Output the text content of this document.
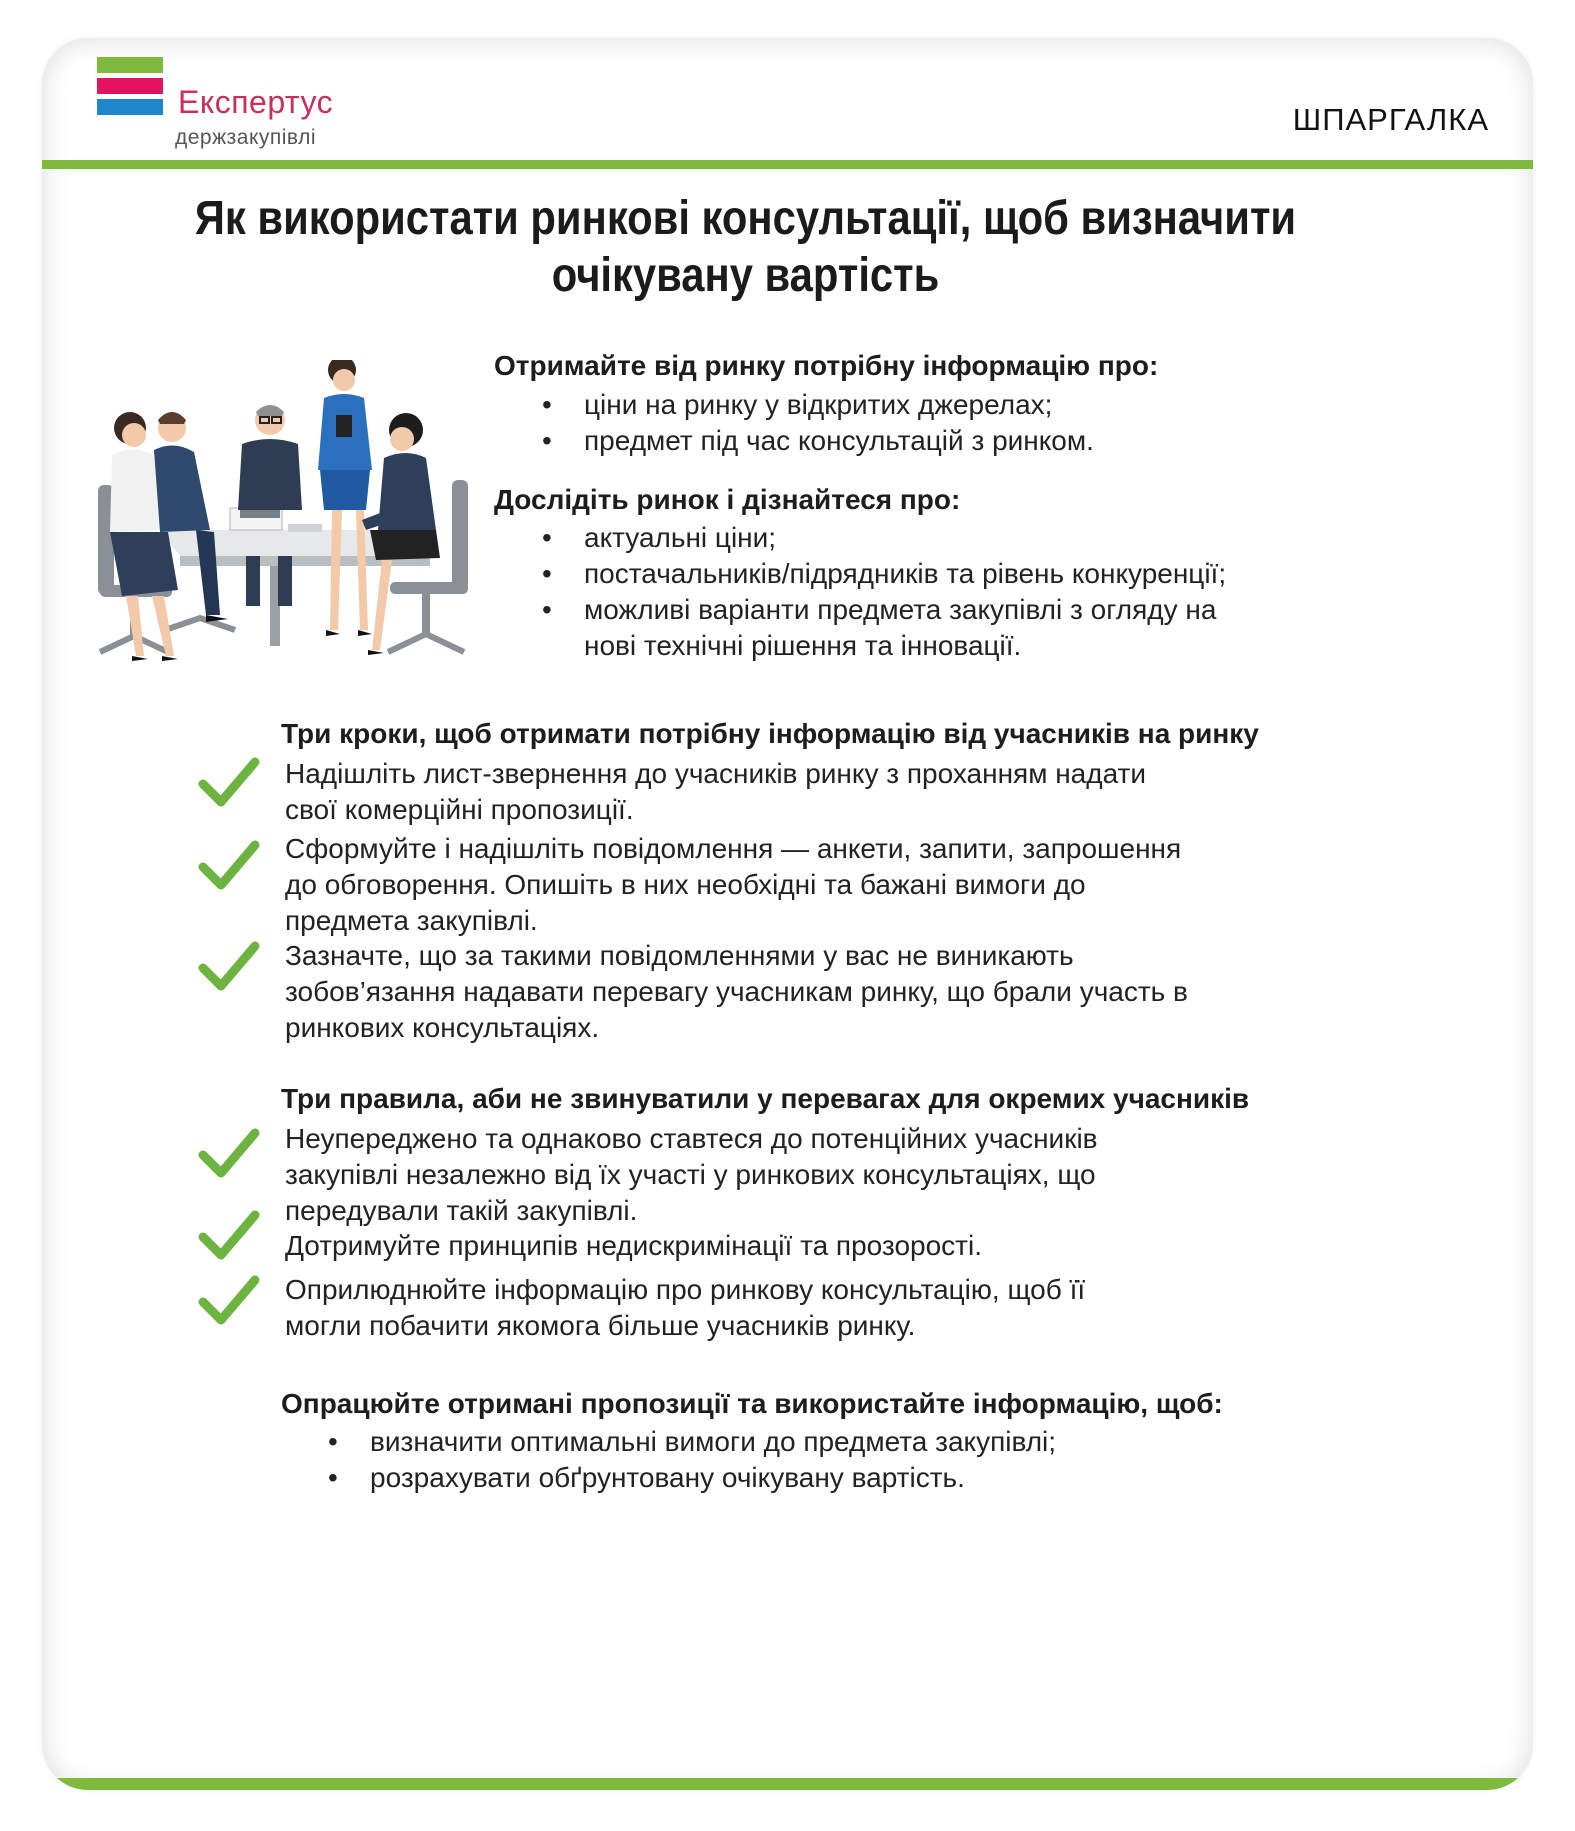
Експертус
держзакупівлі
ШПАРГАЛКА
Як використати ринкові консультації, щоб визначити
очікувану вартість
Отримайте від ринку потрібну інформацію про:
• ціни на ринку у відкритих джерелах;
• предмет під час консультацій з ринком.
Дослідіть ринок і дізнайтеся про:
• актуальні ціни;
• постачальників/підрядників та рівень конкуренції;
• можливі варіанти предмета закупівлі з огляду на нові технічні рішення та інновації.
Три кроки, щоб отримати потрібну інформацію від учасників на ринку
Надішліть лист-звернення до учасників ринку з проханням надати свої комерційні пропозиції.
Сформуйте і надішліть повідомлення — анкети, запити, запрошення до обговорення. Опишіть в них необхідні та бажані вимоги до предмета закупівлі.
Зазначте, що за такими повідомленнями у вас не виникають зобов’язання надавати перевагу учасникам ринку, що брали участь в ринкових консультаціях.
Три правила, аби не звинуватили у перевагах для окремих учасників
Неупереджено та однаково ставтеся до потенційних учасників закупівлі незалежно від їх участі у ринкових консультаціях, що передували такій закупівлі.
Дотримуйте принципів недискримінації та прозорості.
Оприлюднюйте інформацію про ринкову консультацію, щоб її могли побачити якомога більше учасників ринку.
Опрацюйте отримані пропозиції та використайте інформацію, щоб:
• визначити оптимальні вимоги до предмета закупівлі;
• розрахувати обґрунтовану очікувану вартість.
